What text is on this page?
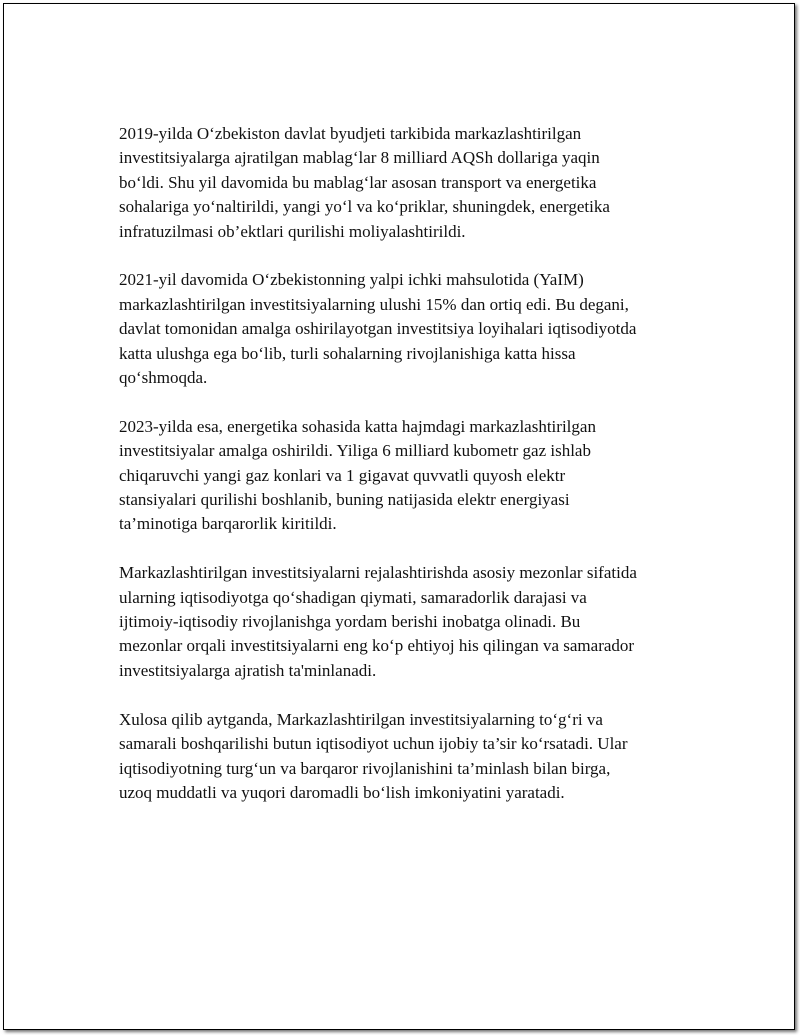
2019-yilda O‘zbekiston davlat byudjeti tarkibida markazlashtirilgan
investitsiyalarga ajratilgan mablag‘lar 8 milliard AQSh dollariga yaqin
bo‘ldi. Shu yil davomida bu mablag‘lar asosan transport va energetika
sohalariga yo‘naltirildi, yangi yo‘l va ko‘priklar, shuningdek, energetika
infratuzilmasi ob’ektlari qurilishi moliyalashtirildi.

2021-yil davomida O‘zbekistonning yalpi ichki mahsulotida (YaIM)
markazlashtirilgan investitsiyalarning ulushi 15% dan ortiq edi. Bu degani,
davlat tomonidan amalga oshirilayotgan investitsiya loyihalari iqtisodiyotda
katta ulushga ega bo‘lib, turli sohalarning rivojlanishiga katta hissa
qo‘shmoqda.

2023-yilda esa, energetika sohasida katta hajmdagi markazlashtirilgan
investitsiyalar amalga oshirildi. Yiliga 6 milliard kubometr gaz ishlab
chiqaruvchi yangi gaz konlari va 1 gigavat quvvatli quyosh elektr
stansiyalari qurilishi boshlanib, buning natijasida elektr energiyasi
ta’minotiga barqarorlik kiritildi.

Markazlashtirilgan investitsiyalarni rejalashtirishda asosiy mezonlar sifatida
ularning iqtisodiyotga qo‘shadigan qiymati, samaradorlik darajasi va
ijtimoiy-iqtisodiy rivojlanishga yordam berishi inobatga olinadi. Bu
mezonlar orqali investitsiyalarni eng ko‘p ehtiyoj his qilingan va samarador
investitsiyalarga ajratish ta'minlanadi.

Xulosa qilib aytganda, Markazlashtirilgan investitsiyalarning to‘g‘ri va
samarali boshqarilishi butun iqtisodiyot uchun ijobiy ta’sir ko‘rsatadi. Ular
iqtisodiyotning turg‘un va barqaror rivojlanishini ta’minlash bilan birga,
uzoq muddatli va yuqori daromadli bo‘lish imkoniyatini yaratadi.
